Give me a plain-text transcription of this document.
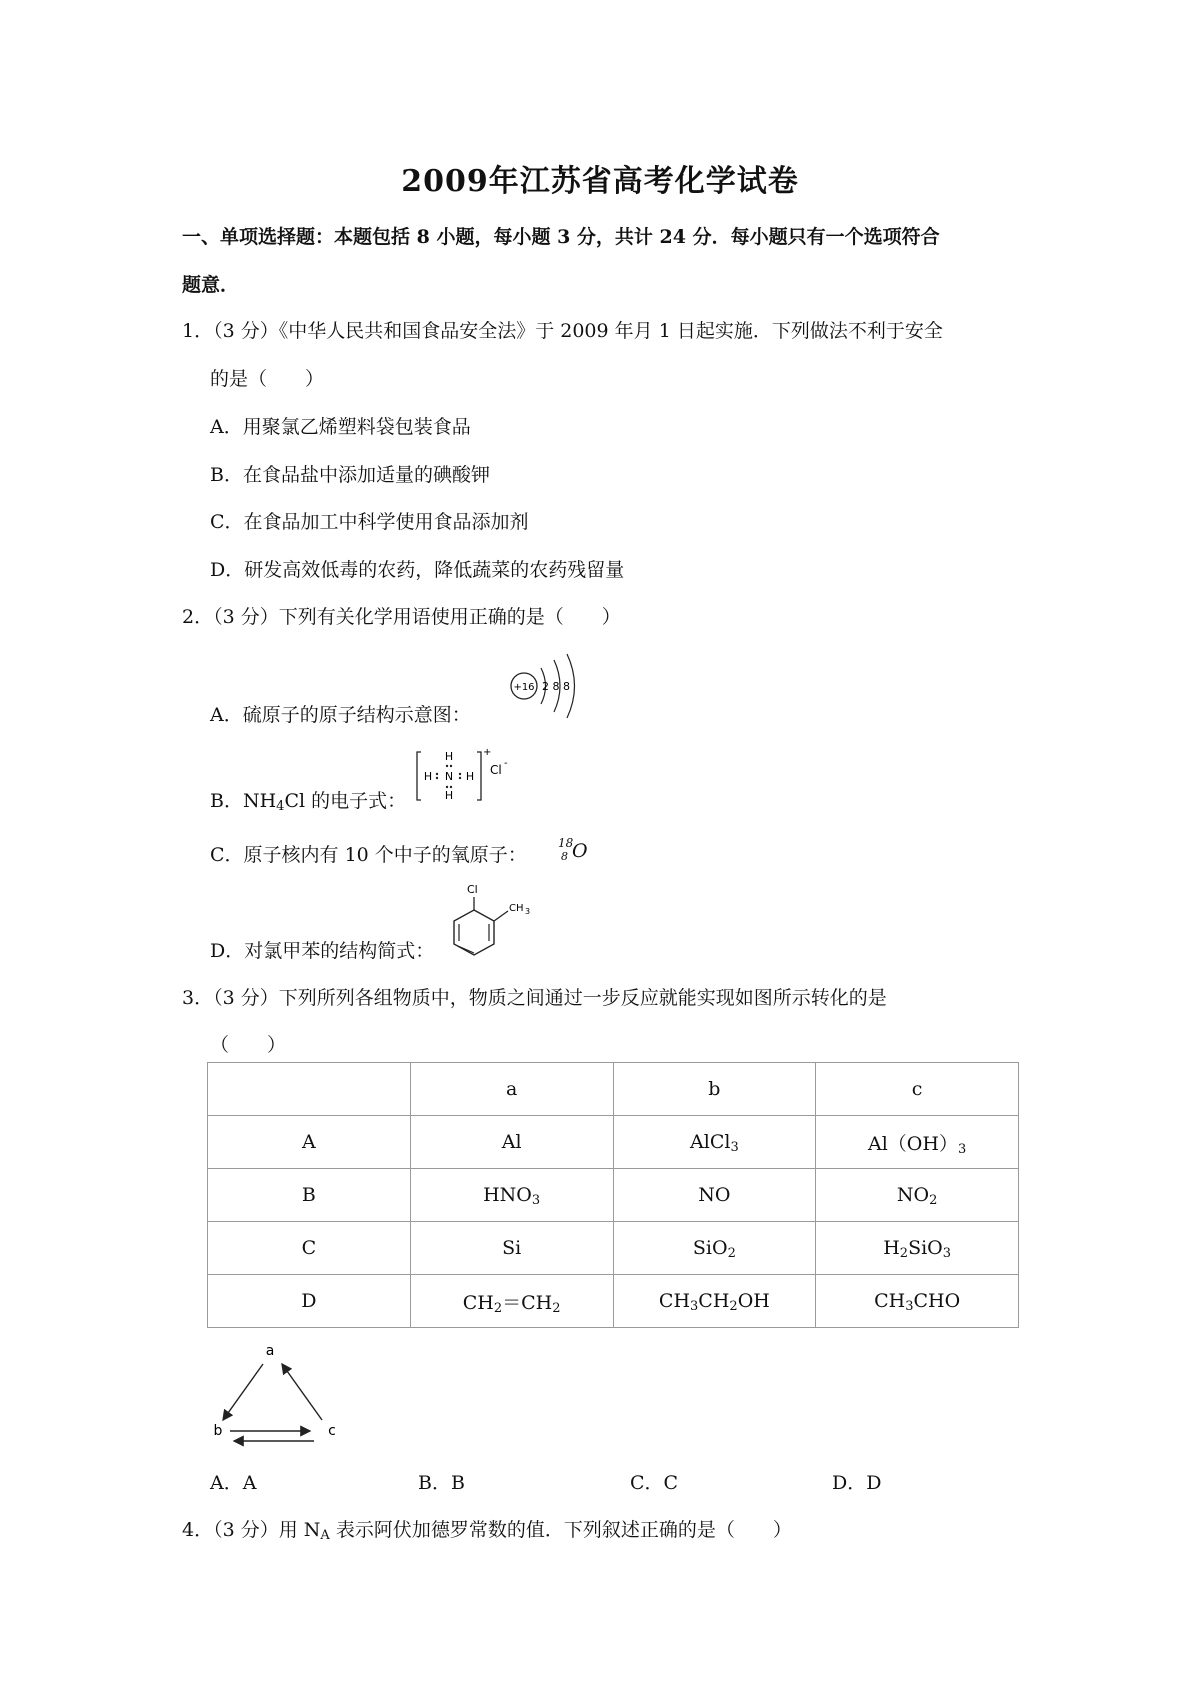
2009年江苏省高考化学试卷
一、单项选择题：本题包括 8 小题，每小题 3 分，共计 24 分．每小题只有一个选项符合
题意．
1．（3 分）《中华人民共和国食品安全法》于 2009 年月 1 日起实施．下列做法不利于安全
的是（　　）
A．用聚氯乙烯塑料袋包装食品
B．在食品盐中添加适量的碘酸钾
C．在食品加工中科学使用食品添加剂
D．研发高效低毒的农药，降低蔬菜的农药残留量
2．（3 分）下列有关化学用语使用正确的是（　　）
A．硫原子的原子结构示意图：
+16 2 8 8
B．$NH_4Cl$ 的电子式：
H
H N H
H
+
Cl -
C．原子核内有 10 个中子的氧原子：
18
8 O
D．对氯甲苯的结构简式：
Cl
CH 3
3．（3 分）下列所列各组物质中，物质之间通过一步反应就能实现如图所示转化的是
（　　）
	a	b	c
A	Al	AlCl$_3$	$Al(OH)_3$
B	$HNO_3$	NO	$NO_2$
C	Si	SiO$_2$	$H_2SiO_3$
D	$CH_2=CH_2$	$CH_3CH_2OH$	$CH_3CHO$
a
b	c
A．A	B．B	C．C	D．D
4．（3 分）用 $N_A$ 表示阿伏加德罗常数的值．下列叙述正确的是（　　）
